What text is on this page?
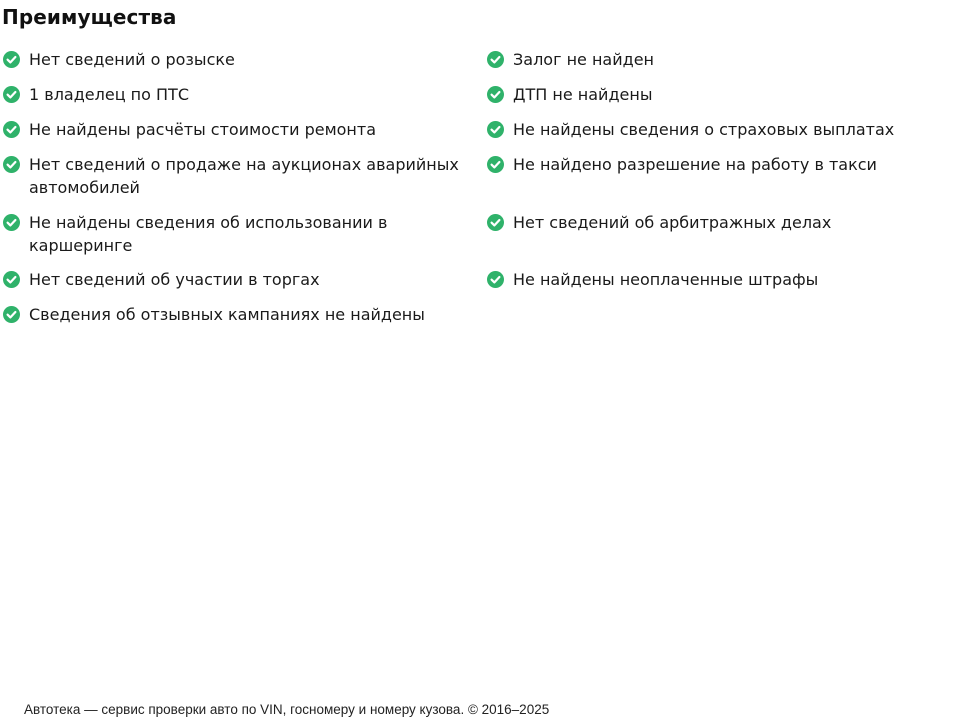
Преимущества
Нет сведений о розыске
1 владелец по ПТС
Не найдены расчёты стоимости ремонта
Нет сведений о продаже на аукционах аварийных автомобилей
Не найдены сведения об использовании в каршеринге
Нет сведений об участии в торгах
Сведения об отзывных кампаниях не найдены
Залог не найден
ДТП не найдены
Не найдены сведения о страховых выплатах
Не найдено разрешение на работу в такси
Нет сведений об арбитражных делах
Не найдены неоплаченные штрафы
Автотека — сервис проверки авто по VIN, госномеру и номеру кузова. © 2016–2025
